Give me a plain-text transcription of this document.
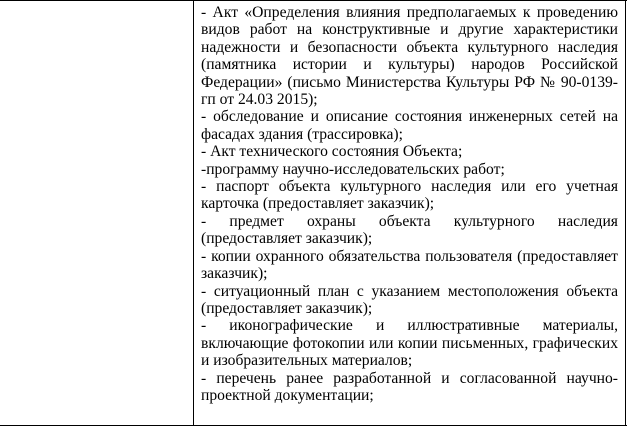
- Акт «Определения влияния предполагаемых к проведению видов работ на конструктивные и другие характеристики надежности и безопасности объекта культурного наследия (памятника истории и культуры) народов Российской Федерации» (письмо Министерства Культуры РФ № 90-0139-гп от 24.03 2015);

- обследование и описание состояния инженерных сетей на фасадах здания (трассировка);

- Акт технического состояния Объекта;

-программу научно-исследовательских работ;

- паспорт объекта культурного наследия или его учетная карточка (предоставляет заказчик);

- предмет охраны объекта культурного наследия (предоставляет заказчик);

- копии охранного обязательства пользователя (предоставляет заказчик);

- ситуационный план с указанием местоположения объекта (предоставляет заказчик);

- иконографические и иллюстративные материалы, включающие фотокопии или копии письменных, графических и изобразительных материалов;

- перечень ранее разработанной и согласованной научно-проектной документации;
